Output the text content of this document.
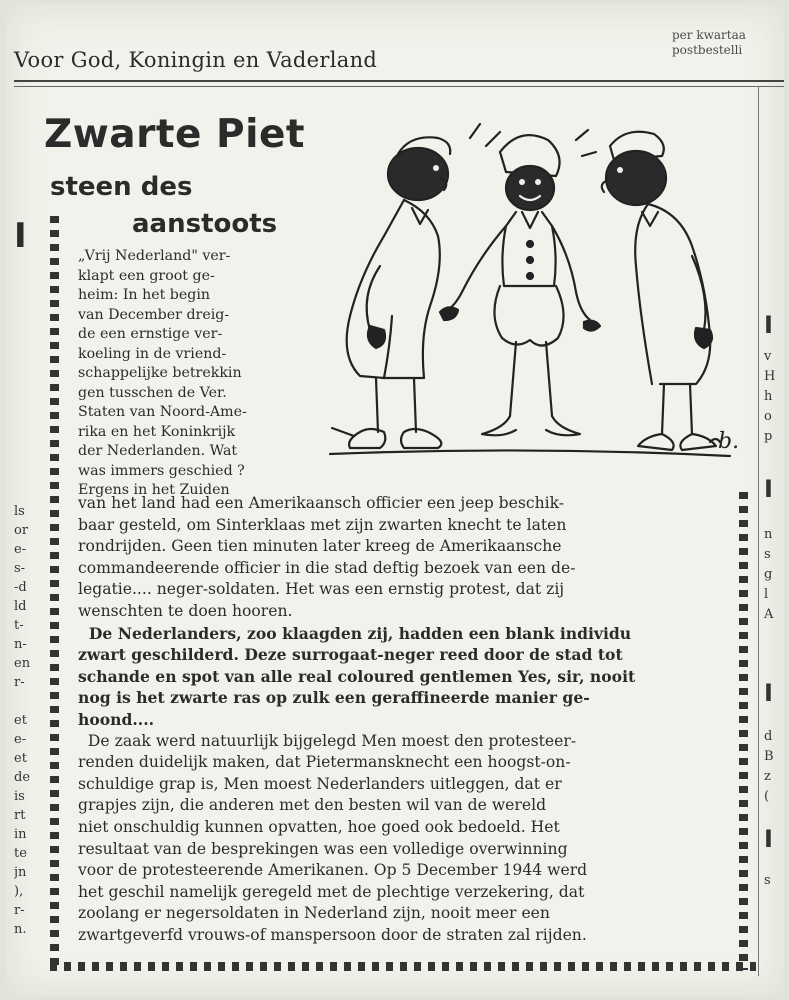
Voor God, Koningin en Vaderland
per kwartaa
postbestelli
I
ls
or
e-
s-
-d
ld
t-
n-
en
r-
et
e-
et
de
is
rt
in
te
jn
),
r-
n.
I
v
H
h
o
p
I
n
s
g
l
A
I
d
B
z
(
I
s
Zwarte Piet
steen des
aanstoots
„Vrij Nederland" ver-
klapt een groot ge-
heim: In het begin
van December dreig-
de een ernstige ver-
koeling in de vriend-
schappelijke betrekkin
gen tusschen de Ver.
Staten van Noord-Ame-
rika en het Koninkrijk
der Nederlanden. Wat
was immers geschied ?
Ergens in het Zuiden
van het land had een Amerikaansch officier een jeep beschik-
baar gesteld, om Sinterklaas met zijn zwarten knecht te laten
rondrijden. Geen tien minuten later kreeg de Amerikaansche
commandeerende officier in die stad deftig bezoek van een de-
legatie.... neger-soldaten. Het was een ernstig protest, dat zij
wenschten te doen hooren.
De Nederlanders, zoo klaagden zij, hadden een blank individu
zwart geschilderd. Deze surrogaat-neger reed door de stad tot
schande en spot van alle real coloured gentlemen Yes, sir, nooit
nog is het zwarte ras op zulk een geraffineerde manier ge-
hoond....
De zaak werd natuurlijk bijgelegd Men moest den protesteer-
renden duidelijk maken, dat Pietermansknecht een hoogst-on-
schuldige grap is, Men moest Nederlanders uitleggen, dat er
grapjes zijn, die anderen met den besten wil van de wereld
niet onschuldig kunnen opvatten, hoe goed ook bedoeld. Het
resultaat van de besprekingen was een volledige overwinning
voor de protesteerende Amerikanen. Op 5 December 1944 werd
het geschil namelijk geregeld met de plechtige verzekering, dat
zoolang er negersoldaten in Nederland zijn, nooit meer een
zwartgeverfd vrouws-of manspersoon door de straten zal rijden.
b.
